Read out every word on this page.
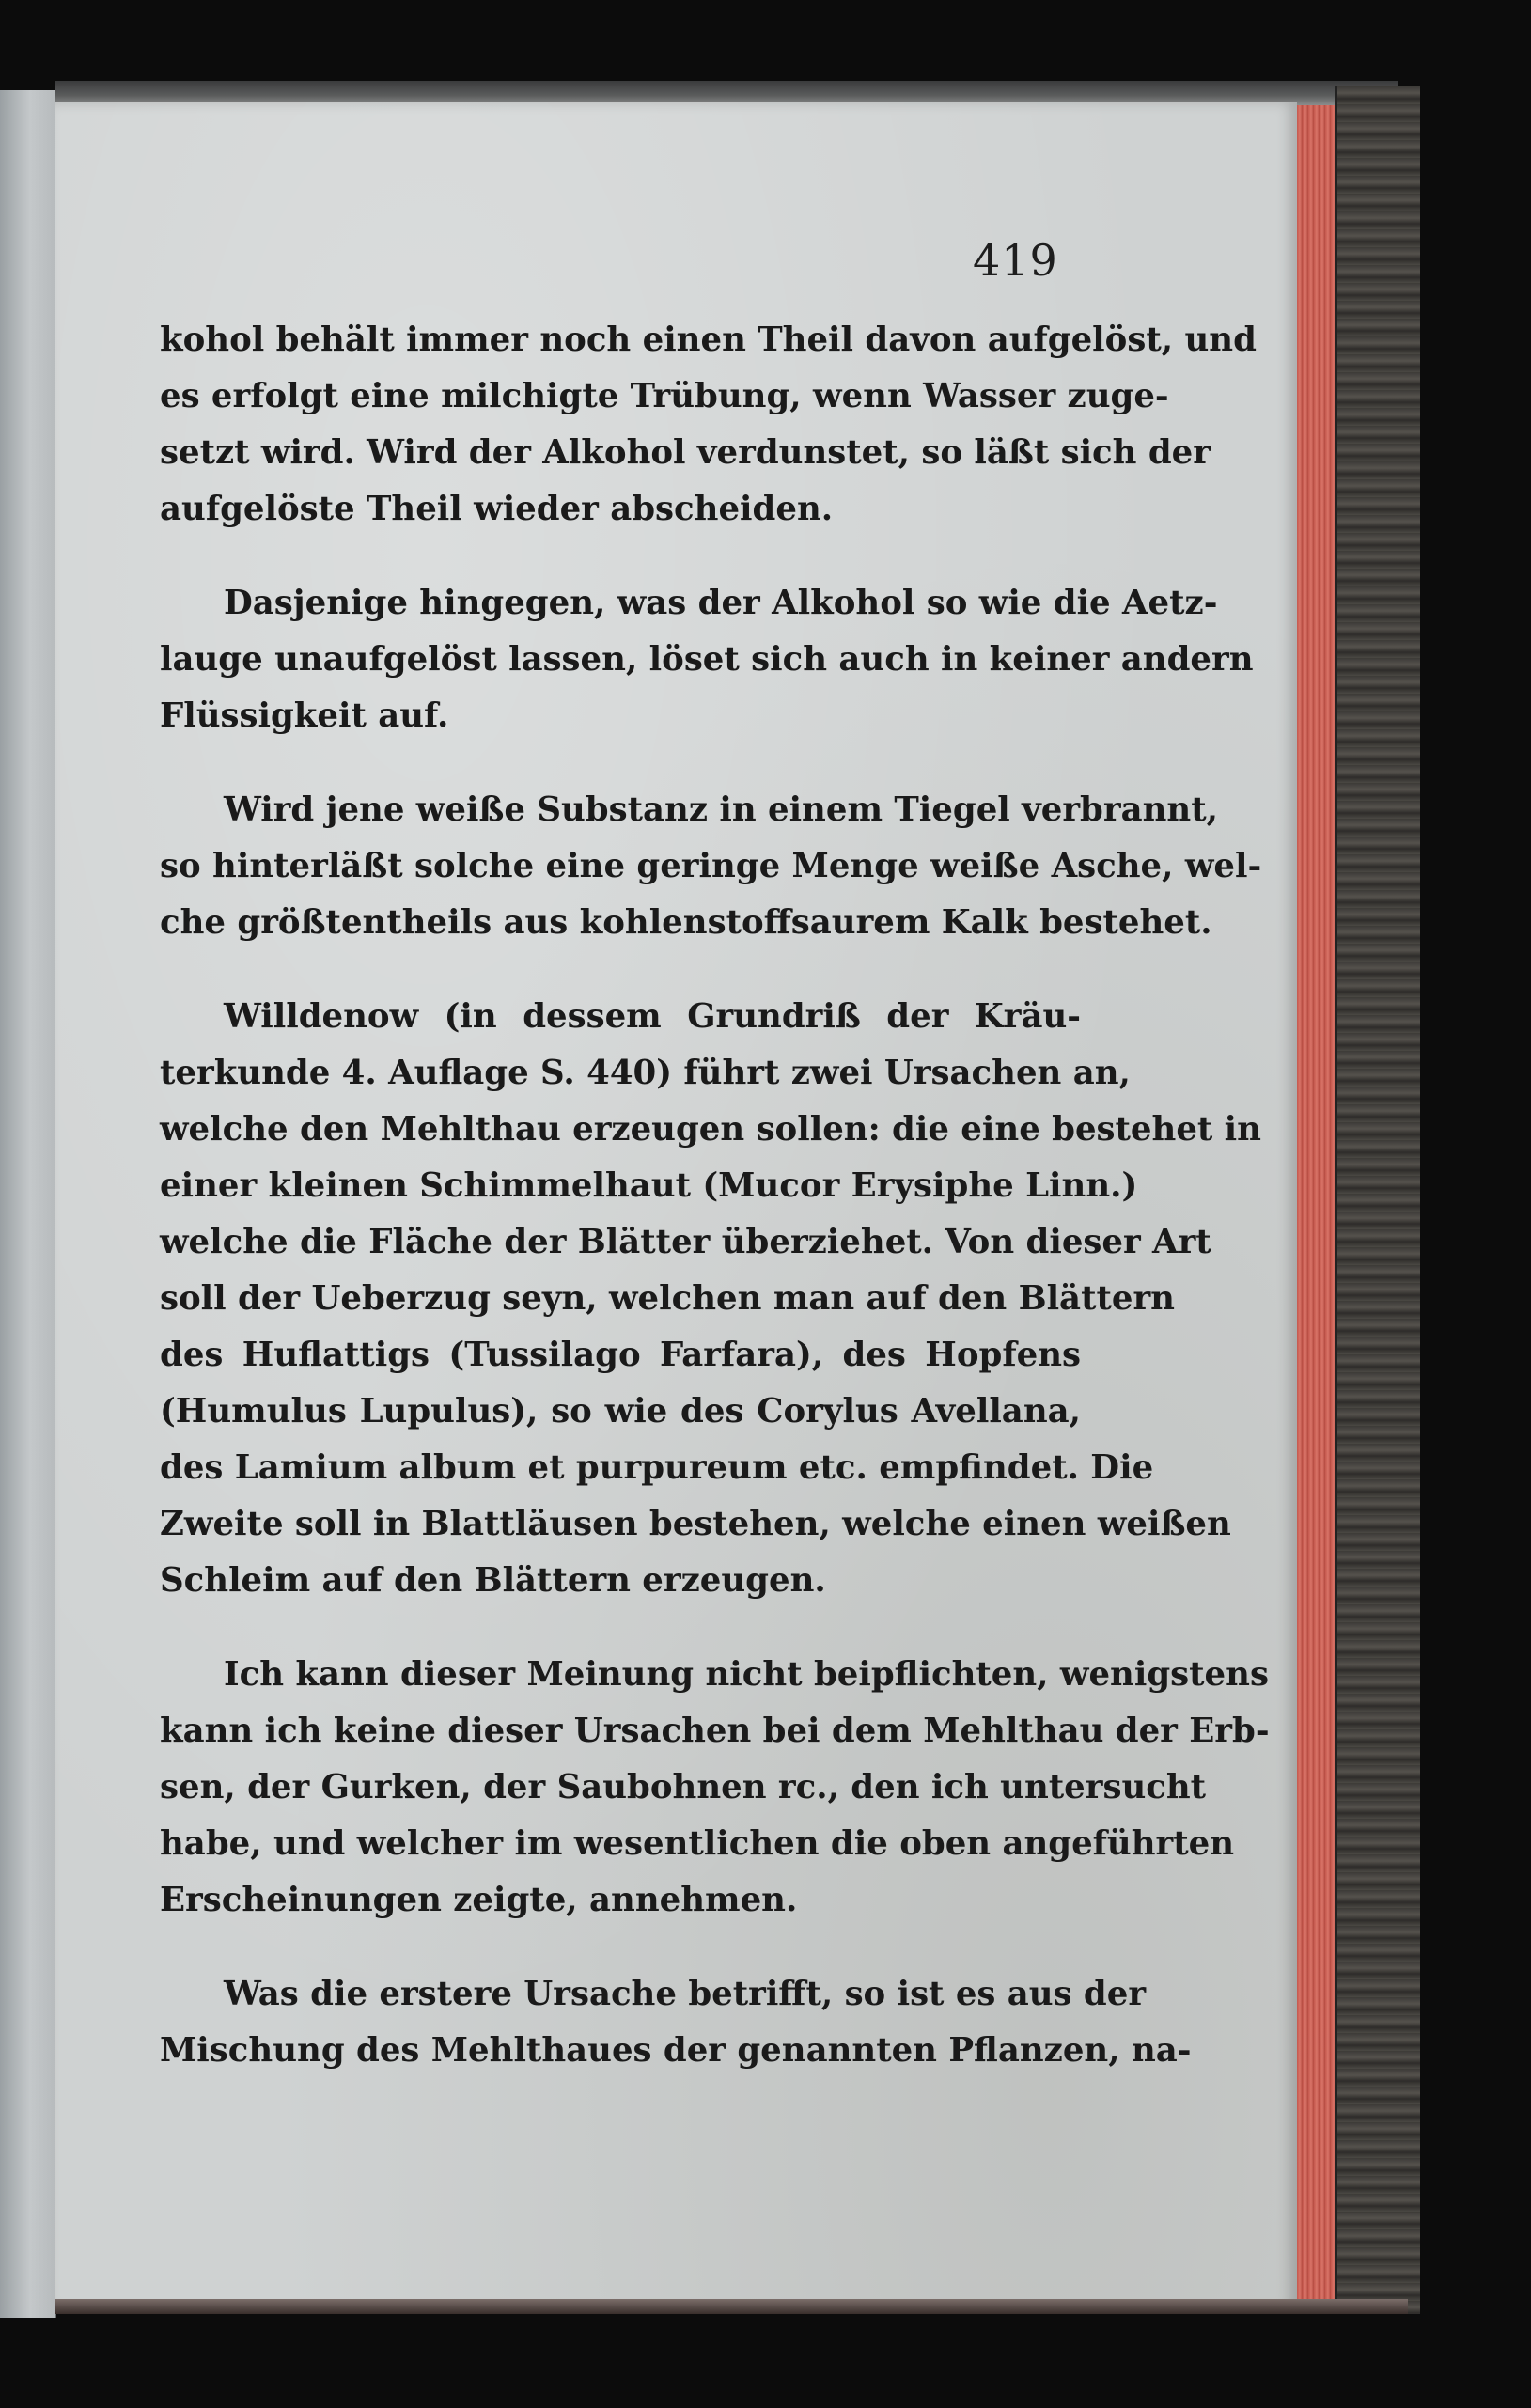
419
kohol behält immer noch einen Theil davon aufgelöst, und
es erfolgt eine milchigte Trübung, wenn Wasser zuge-
setzt wird. Wird der Alkohol verdunstet, so läßt sich der
aufgelöste Theil wieder abscheiden.
Dasjenige hingegen, was der Alkohol so wie die Aetz-
lauge unaufgelöst lassen, löset sich auch in keiner andern
Flüssigkeit auf.
Wird jene weiße Substanz in einem Tiegel verbrannt,
so hinterläßt solche eine geringe Menge weiße Asche, wel-
che größtentheils aus kohlenstoffsaurem Kalk bestehet.
Willdenow (in dessem Grundriß der Kräu-
terkunde 4. Auflage S. 440) führt zwei Ursachen an,
welche den Mehlthau erzeugen sollen: die eine bestehet in
einer kleinen Schimmelhaut (Mucor Erysiphe Linn.)
welche die Fläche der Blätter überziehet. Von dieser Art
soll der Ueberzug seyn, welchen man auf den Blättern
des Huflattigs (Tussilago Farfara), des Hopfens
(Humulus Lupulus), so wie des Corylus Avellana,
des Lamium album et purpureum etc. empfindet. Die
Zweite soll in Blattläusen bestehen, welche einen weißen
Schleim auf den Blättern erzeugen.
Ich kann dieser Meinung nicht beipflichten, wenigstens
kann ich keine dieser Ursachen bei dem Mehlthau der Erb-
sen, der Gurken, der Saubohnen rc., den ich untersucht
habe, und welcher im wesentlichen die oben angeführten
Erscheinungen zeigte, annehmen.
Was die erstere Ursache betrifft, so ist es aus der
Mischung des Mehlthaues der genannten Pflanzen, na-
